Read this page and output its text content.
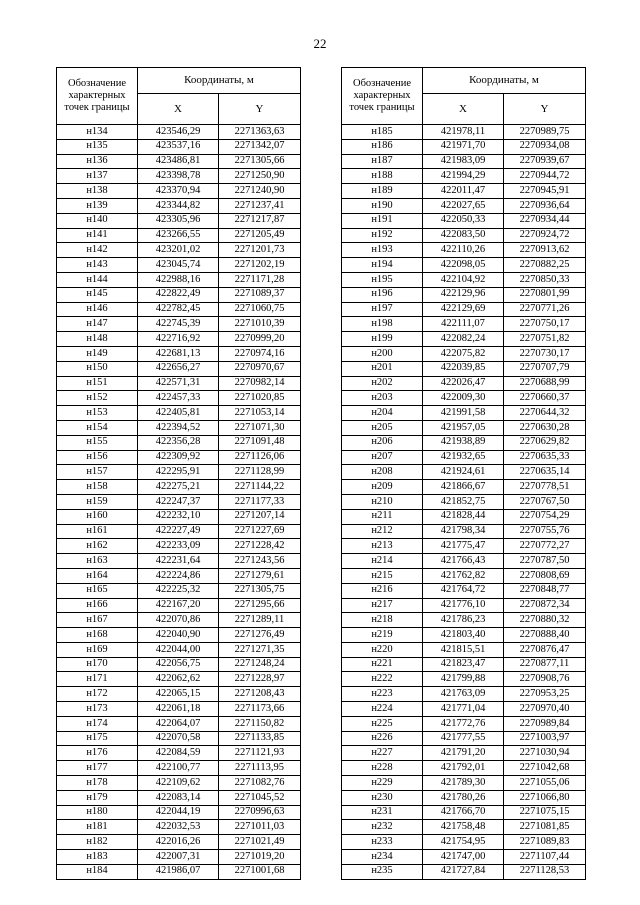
22
Обозначение характерных точек границы	Координаты, м	
	X	Y
н134	423546,29	2271363,63
н135	423537,16	2271342,07
н136	423486,81	2271305,66
н137	423398,78	2271250,90
н138	423370,94	2271240,90
н139	423344,82	2271237,41
н140	423305,96	2271217,87
н141	423266,55	2271205,49
н142	423201,02	2271201,73
н143	423045,74	2271202,19
н144	422988,16	2271171,28
н145	422822,49	2271089,37
н146	422782,45	2271060,75
н147	422745,39	2271010,39
н148	422716,92	2270999,20
н149	422681,13	2270974,16
н150	422656,27	2270970,67
н151	422571,31	2270982,14
н152	422457,33	2271020,85
н153	422405,81	2271053,14
н154	422394,52	2271071,30
н155	422356,28	2271091,48
н156	422309,92	2271126,06
н157	422295,91	2271128,99
н158	422275,21	2271144,22
н159	422247,37	2271177,33
н160	422232,10	2271207,14
н161	422227,49	2271227,69
н162	422233,09	2271228,42
н163	422231,64	2271243,56
н164	422224,86	2271279,61
н165	422225,32	2271305,75
н166	422167,20	2271295,66
н167	422070,86	2271289,11
н168	422040,90	2271276,49
н169	422044,00	2271271,35
н170	422056,75	2271248,24
н171	422062,62	2271228,97
н172	422065,15	2271208,43
н173	422061,18	2271173,66
н174	422064,07	2271150,82
н175	422070,58	2271133,85
н176	422084,59	2271121,93
н177	422100,77	2271113,95
н178	422109,62	2271082,76
н179	422083,14	2271045,52
н180	422044,19	2270996,63
н181	422032,53	2271011,03
н182	422016,26	2271021,49
н183	422007,31	2271019,20
н184	421986,07	2271001,68
Обозначение характерных точек границы	Координаты, м	
	X	Y
н185	421978,11	2270989,75
н186	421971,70	2270934,08
н187	421983,09	2270939,67
н188	421994,29	2270944,72
н189	422011,47	2270945,91
н190	422027,65	2270936,64
н191	422050,33	2270934,44
н192	422083,50	2270924,72
н193	422110,26	2270913,62
н194	422098,05	2270882,25
н195	422104,92	2270850,33
н196	422129,96	2270801,99
н197	422129,69	2270771,26
н198	422111,07	2270750,17
н199	422082,24	2270751,82
н200	422075,82	2270730,17
н201	422039,85	2270707,79
н202	422026,47	2270688,99
н203	422009,30	2270660,37
н204	421991,58	2270644,32
н205	421957,05	2270630,28
н206	421938,89	2270629,82
н207	421932,65	2270635,33
н208	421924,61	2270635,14
н209	421866,67	2270778,51
н210	421852,75	2270767,50
н211	421828,44	2270754,29
н212	421798,34	2270755,76
н213	421775,47	2270772,27
н214	421766,43	2270787,50
н215	421762,82	2270808,69
н216	421764,72	2270848,77
н217	421776,10	2270872,34
н218	421786,23	2270880,32
н219	421803,40	2270888,40
н220	421815,51	2270876,47
н221	421823,47	2270877,11
н222	421799,88	2270908,76
н223	421763,09	2270953,25
н224	421771,04	2270970,40
н225	421772,76	2270989,84
н226	421777,55	2271003,97
н227	421791,20	2271030,94
н228	421792,01	2271042,68
н229	421789,30	2271055,06
н230	421780,26	2271066,80
н231	421766,70	2271075,15
н232	421758,48	2271081,85
н233	421754,95	2271089,83
н234	421747,00	2271107,44
н235	421727,84	2271128,53
